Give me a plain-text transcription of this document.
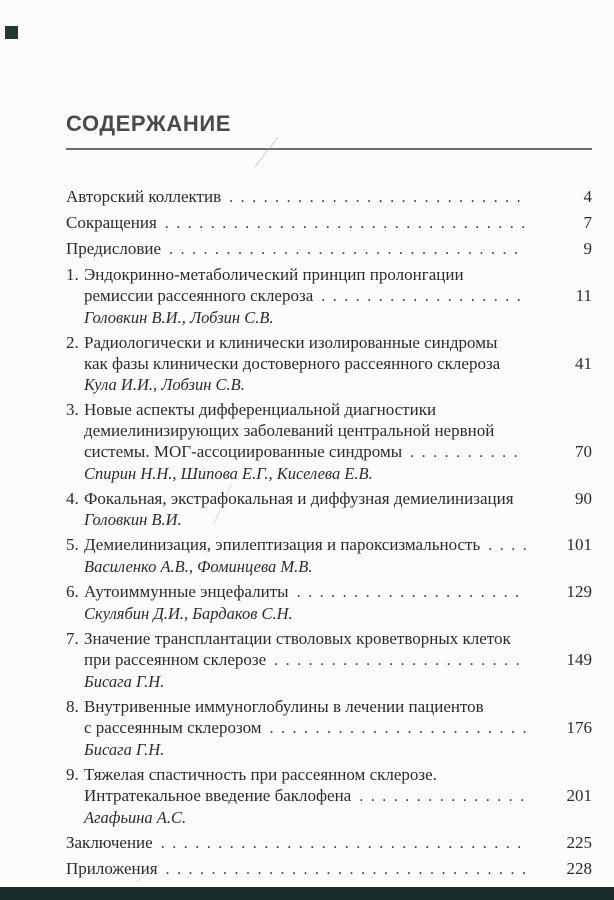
СОДЕРЖАНИЕ
Авторский коллектив .....	4
Сокращения .....	7
Предисловие .....	9
1. Эндокринно-метаболический принцип пролонгации
ремиссии рассеянного склероза .....	11
Головкин В.И., Лобзин С.В.
2. Радиологически и клинически изолированные синдромы
как фазы клинически достоверного рассеянного склероза	41
Кула И.И., Лобзин С.В.
3. Новые аспекты дифференциальной диагностики
демиелинизирующих заболеваний центральной нервной
системы. МОГ-ассоциированные синдромы .....	70
Спирин Н.Н., Шипова Е.Г., Киселева Е.В.
4. Фокальная, экстрафокальная и диффузная демиелинизация	90
Головкин В.И.
5. Демиелинизация, эпилептизация и пароксизмальность .....	101
Василенко А.В., Фоминцева М.В.
6. Аутоиммунные энцефалиты .....	129
Скулябин Д.И., Бардаков С.Н.
7. Значение трансплантации стволовых кроветворных клеток
при рассеянном склерозе .....	149
Бисага Г.Н.
8. Внутривенные иммуноглобулины в лечении пациентов
с рассеянным склерозом .....	176
Бисага Г.Н.
9. Тяжелая спастичность при рассеянном склерозе.
Интратекальное введение баклофена .....	201
Агафьина А.С.
Заключение .....	225
Приложения .....	228
